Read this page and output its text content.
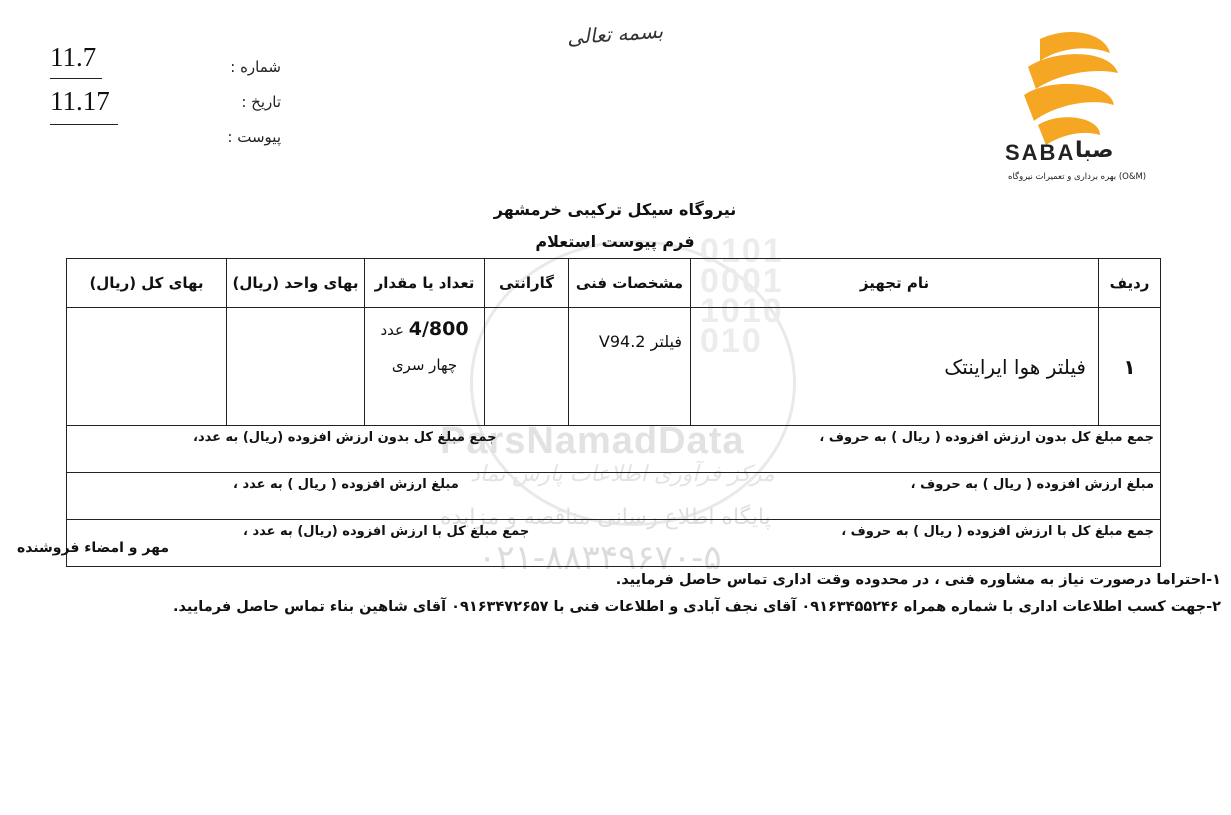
0101
0001
1010
010
ParsNamadData
مرکز فرآوری اطلاعات پارس نماد
پایگاه اطلاع رسانی مناقصه و مزایده
۰۲۱-۸۸۳۴۹۶۷۰-۵
بسمه تعالی
شماره :
11.7
تاریخ :
11.17
پیوست :
SABA صبا
بهره برداری و تعمیرات نیروگاه (O&M)
نیروگاه سیکل ترکیبی خرمشهر
فرم پیوست استعلام
ردیف	نام تجهیز	مشخصات فنی	گارانتی	تعداد یا مقدار	بهای واحد (ریال)	بهای کل (ریال)
۱	فیلتر هوا ایراینتک	فیلتر V94.2		4/800 عدد
چهار سری		

جمع مبلغ کل بدون ارزش افزوده ( ریال ) به حروف ،
جمع مبلغ کل بدون ارزش افزوده (ریال) به عدد،						

مبلغ ارزش افزوده ( ریال ) به حروف ،
مبلغ ارزش افزوده ( ریال ) به عدد ،						

جمع مبلغ کل با ارزش افزوده ( ریال ) به حروف ،
جمع مبلغ کل با ارزش افزوده (ریال) به عدد ،						
مهر و امضاء فروشنده
۱-احتراما درصورت نیاز به مشاوره فنی ، در محدوده وقت اداری تماس حاصل فرمایید.
۲-جهت کسب اطلاعات اداری با شماره همراه ۰۹۱۶۳۴۵۵۲۴۶ آقای نجف آبادی و اطلاعات فنی با ۰۹۱۶۳۴۷۲۶۵۷ آقای شاهین بناء تماس حاصل فرمایید.
